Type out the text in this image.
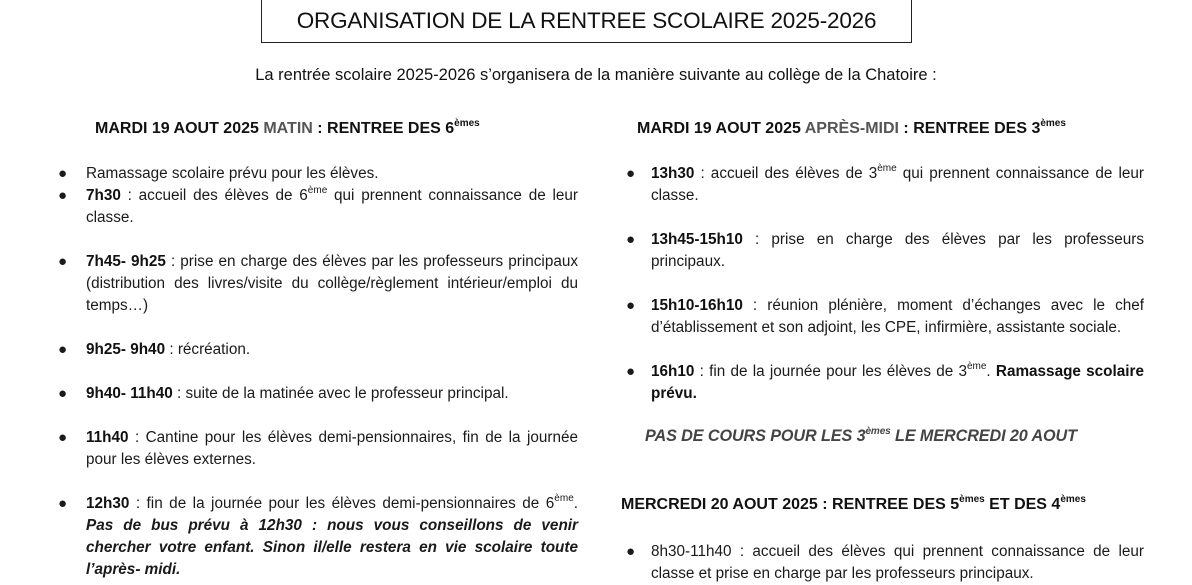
ORGANISATION DE LA RENTREE SCOLAIRE 2025-2026
La rentrée scolaire 2025-2026 s’organisera de la manière suivante au collège de la Chatoire :
MARDI 19 AOUT 2025 MATIN : RENTREE DES 6èmes
● Ramassage scolaire prévu pour les élèves.
● 7h30 : accueil des élèves de 6ème qui prennent connaissance de leur classe.
● 7h45- 9h25 : prise en charge des élèves par les professeurs principaux (distribution des livres/visite du collège/règlement intérieur/emploi du temps…)
● 9h25- 9h40 : récréation.
● 9h40- 11h40 : suite de la matinée avec le professeur principal.
● 11h40 : Cantine pour les élèves demi-pensionnaires, fin de la journée pour les élèves externes.
● 12h30 : fin de la journée pour les élèves demi-pensionnaires de 6ème. Pas de bus prévu à 12h30 : nous vous conseillons de venir chercher votre enfant. Sinon il/elle restera en vie scolaire toute l’après- midi.
MARDI 19 AOUT 2025 APRÈS-MIDI : RENTREE DES 3èmes
● 13h30 : accueil des élèves de 3ème qui prennent connaissance de leur classe.
● 13h45-15h10 : prise en charge des élèves par les professeurs principaux.
● 15h10-16h10 : réunion plénière, moment d’échanges avec le chef d’établissement et son adjoint, les CPE, infirmière, assistante sociale.
● 16h10 : fin de la journée pour les élèves de 3ème. Ramassage scolaire prévu.
MERCREDI 20 AOUT 2025 : RENTREE DES 5èmes ET DES 4èmes
● 8h30-11h40 : accueil des élèves qui prennent connaissance de leur classe et prise en charge par les professeurs principaux.
PAS DE COURS POUR LES 3èmes LE MERCREDI 20 AOUT
